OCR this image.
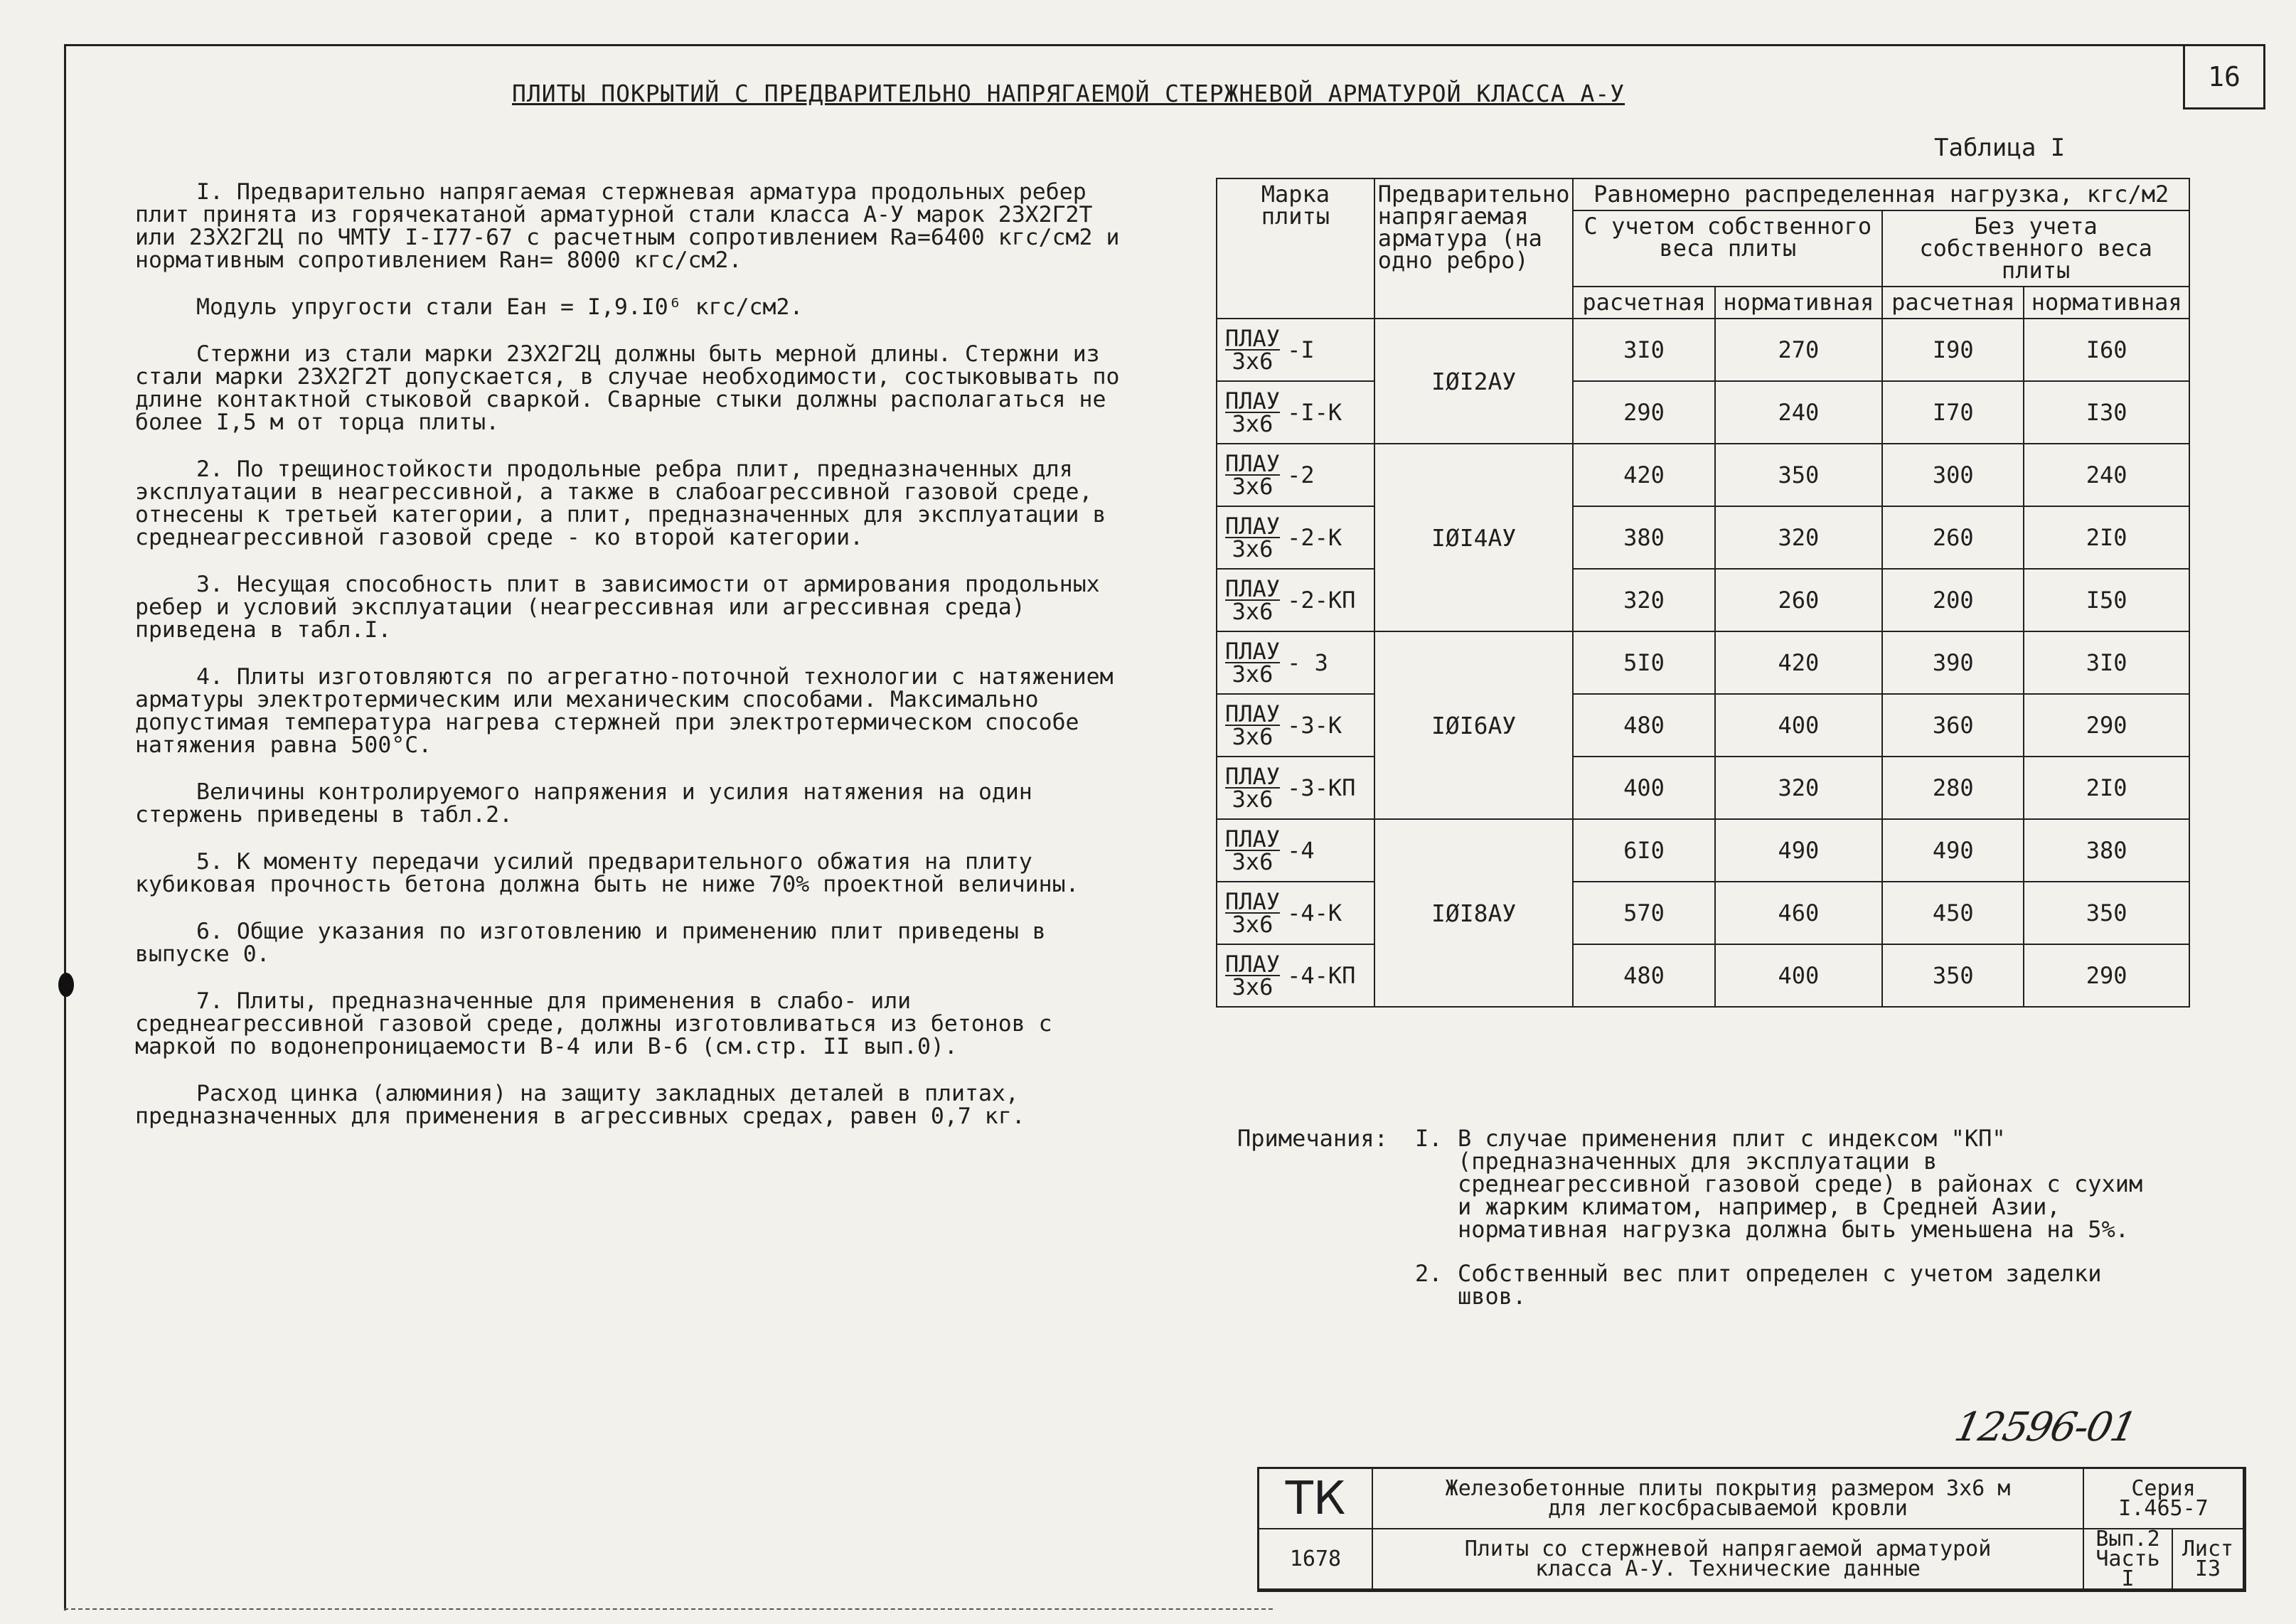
16
ПЛИТЫ ПОКРЫТИЙ С ПРЕДВАРИТЕЛЬНО НАПРЯГАЕМОЙ СТЕРЖНЕВОЙ АРМАТУРОЙ КЛАССА А-У
Таблица I

I. Предварительно напрягаемая стержневая арматура продольных ребер плит принята из горячекатаной арматурной стали класса А-У марок 23Х2Г2Т или 23Х2Г2Ц по ЧМТУ I-I77-67 с расчетным сопротивлением Rа=6400 кгс/см2 и нормативным сопротивлением Rан= 8000 кгс/см2.

Модуль упругости стали Eан = I,9.I0⁶ кгс/см2.

Стержни из стали марки 23Х2Г2Ц должны быть мерной длины. Стержни из стали марки 23Х2Г2Т допускается, в случае необходимости, состыковывать по длине контактной стыковой сваркой. Сварные стыки должны располагаться не более I,5 м от торца плиты.

2. По трещиностойкости продольные ребра плит, предназначенных для эксплуатации в неагрессивной, а также в слабоагрессивной газовой среде, отнесены к третьей категории, а плит, предназначенных для эксплуатации в среднеагрессивной газовой среде - ко второй категории.

3. Несущая способность плит в зависимости от армирования продольных ребер и условий эксплуатации (неагрессивная или агрессивная среда) приведена в табл.I.

4. Плиты изготовляются по агрегатно-поточной технологии с натяжением арматуры электротермическим или механическим способами. Максимально допустимая температура нагрева стержней при электротермическом способе натяжения равна 500°С.

Величины контролируемого напряжения и усилия натяжения на один стержень приведены в табл.2.

5. К моменту передачи усилий предварительного обжатия на плиту кубиковая прочность бетона должна быть не ниже 70% проектной величины.

6. Общие указания по изготовлению и применению плит приведены в выпуске 0.

7. Плиты, предназначенные для применения в слабо- или среднеагрессивной газовой среде, должны изготовливаться из бетонов с маркой по водонепроницаемости В-4 или В-6 (см.стр. II вып.0).

Расход цинка (алюминия) на защиту закладных деталей в плитах, предназначенных для применения в агрессивных средах, равен 0,7 кг.

Марка плиты	Предварительно напрягаемая арматура (на одно ребро)	Равномерно распределенная нагрузка, кгс/м2			
		С учетом собственного веса плиты		Без учета собственного веса плиты	
		расчетная	нормативная	расчетная	нормативная

$\frac{\text{ПЛАУ}}{3х6} -I$	IØI2АУ	3I0	270	I90	I60

$\frac{\text{ПЛАУ}}{3х6} -I-К$		290	240	I70	I30

$\frac{\text{ПЛАУ}}{3х6} -2$	IØI4АУ	420	350	300	240

$\frac{\text{ПЛАУ}}{3х6} -2-К$		380	320	260	2I0

$\frac{\text{ПЛАУ}}{3х6} -2-КП$		320	260	200	I50

$\frac{\text{ПЛАУ}}{3х6} - 3$	IØI6АУ	5I0	420	390	3I0

$\frac{\text{ПЛАУ}}{3х6} -3-К$		480	400	360	290

$\frac{\text{ПЛАУ}}{3х6} -3-КП$		400	320	280	2I0

$\frac{\text{ПЛАУ}}{3х6} -4$	IØI8АУ	6I0	490	490	380

$\frac{\text{ПЛАУ}}{3х6} -4-К$		570	460	450	350

$\frac{\text{ПЛАУ}}{3х6} -4-КП$		480	400	350	290
Примечания:	I. В случае применения плит с индексом "КП" (предназначенных для эксплуатации в среднеагрессивной газовой среде) в районах с сухим и жарким климатом, например, в Средней Азии, нормативная нагрузка должна быть уменьшена на 5%.
2. Собственный вес плит определен с учетом заделки швов.
12596-01
ТК	Железобетонные плиты покрытия размером 3х6 м
для легкосбрасываемой кровли
Серия
I.465-7
1678	Плиты со стержневой напрягаемой арматурой
класса А-У. Технические данные
Вып.2
Часть I
Лист
I3
